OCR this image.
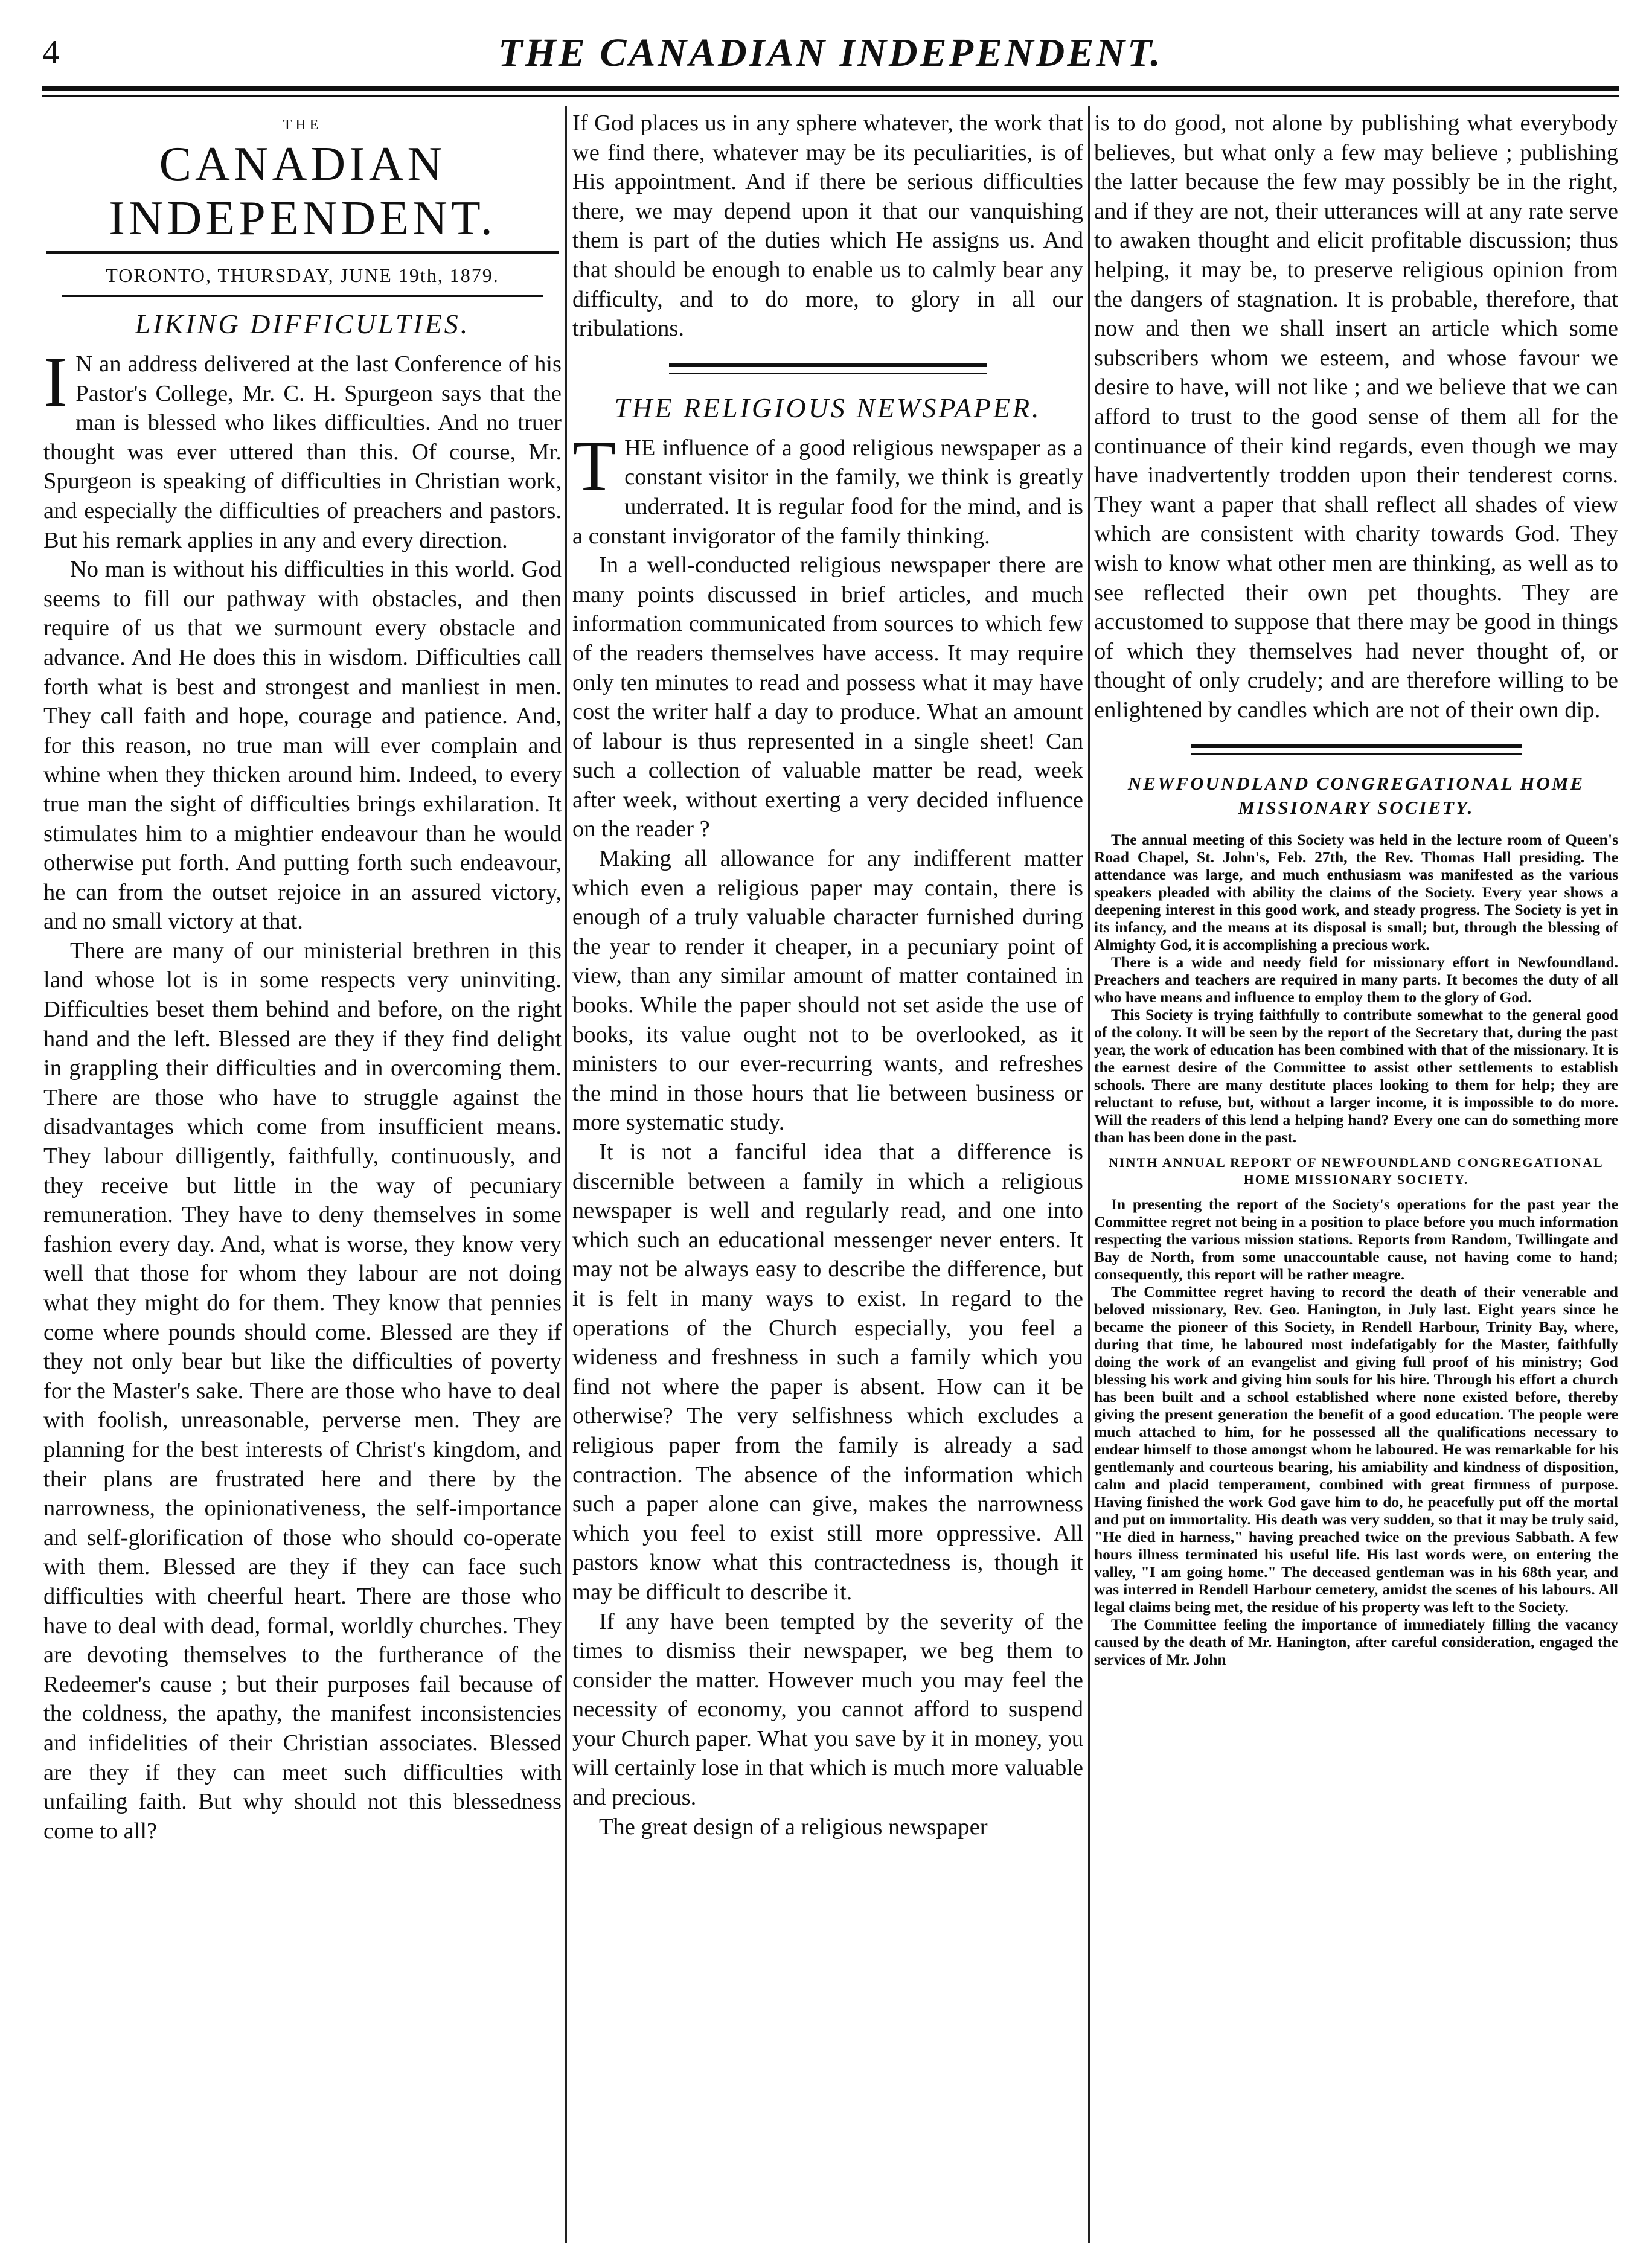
4	THE CANADIAN INDEPENDENT.
THE
CANADIAN INDEPENDENT.
TORONTO, THURSDAY, JUNE 19th, 1879.
LIKING DIFFICULTIES.

I N an address delivered at the last Conference of his Pastor's College, Mr. C. H. Spurgeon says that the man is blessed who likes difficulties. And no truer thought was ever uttered than this. Of course, Mr. Spurgeon is speaking of difficulties in Christian work, and especially the difficulties of preachers and pastors. But his remark applies in any and every direction.

No man is without his difficulties in this world. God seems to fill our pathway with obstacles, and then require of us that we surmount every obstacle and advance. And He does this in wisdom. Difficulties call forth what is best and strongest and manliest in men. They call faith and hope, courage and patience. And, for this reason, no true man will ever complain and whine when they thicken around him. Indeed, to every true man the sight of difficulties brings exhilaration. It stimulates him to a mightier endeavour than he would otherwise put forth. And putting forth such endeavour, he can from the outset rejoice in an assured victory, and no small victory at that.

There are many of our ministerial brethren in this land whose lot is in some respects very uninviting. Difficulties beset them behind and before, on the right hand and the left. Blessed are they if they find delight in grappling their difficulties and in overcoming them. There are those who have to struggle against the disadvantages which come from insufficient means. They labour dilligently, faithfully, continuously, and they receive but little in the way of pecuniary remuneration. They have to deny themselves in some fashion every day. And, what is worse, they know very well that those for whom they labour are not doing what they might do for them. They know that pennies come where pounds should come. Blessed are they if they not only bear but like the difficulties of poverty for the Master's sake. There are those who have to deal with foolish, unreasonable, perverse men. They are planning for the best interests of Christ's kingdom, and their plans are frustrated here and there by the narrowness, the opinionativeness, the self-importance and self-glorification of those who should co-operate with them. Blessed are they if they can face such difficulties with cheerful heart. There are those who have to deal with dead, formal, worldly churches. They are devoting themselves to the furtherance of the Redeemer's cause ; but their purposes fail because of the coldness, the apathy, the manifest inconsistencies and infidelities of their Christian associates. Blessed are they if they can meet such difficulties with unfailing faith. But why should not this blessedness come to all?

If God places us in any sphere whatever, the work that we find there, whatever may be its peculiarities, is of His appointment. And if there be serious difficulties there, we may depend upon it that our vanquishing them is part of the duties which He assigns us. And that should be enough to enable us to calmly bear any difficulty, and to do more, to glory in all our tribulations.

THE RELIGIOUS NEWSPAPER.

THE influence of a good religious newspaper as a constant visitor in the family, we think is greatly underrated. It is regular food for the mind, and is a constant invigorator of the family thinking.

In a well-conducted religious newspaper there are many points discussed in brief articles, and much information communicated from sources to which few of the readers themselves have access. It may require only ten minutes to read and possess what it may have cost the writer half a day to produce. What an amount of labour is thus represented in a single sheet! Can such a collection of valuable matter be read, week after week, without exerting a very decided influence on the reader ?

Making all allowance for any indifferent matter which even a religious paper may contain, there is enough of a truly valuable character furnished during the year to render it cheaper, in a pecuniary point of view, than any similar amount of matter contained in books. While the paper should not set aside the use of books, its value ought not to be overlooked, as it ministers to our ever-recurring wants, and refreshes the mind in those hours that lie between business or more systematic study.

It is not a fanciful idea that a difference is discernible between a family in which a religious newspaper is well and regularly read, and one into which such an educational messenger never enters. It may not be always easy to describe the difference, but it is felt in many ways to exist. In regard to the operations of the Church especially, you feel a wideness and freshness in such a family which you find not where the paper is absent. How can it be otherwise? The very selfishness which excludes a religious paper from the family is already a sad contraction. The absence of the information which such a paper alone can give, makes the narrowness which you feel to exist still more oppressive. All pastors know what this contractedness is, though it may be difficult to describe it.

If any have been tempted by the severity of the times to dismiss their newspaper, we beg them to consider the matter. However much you may feel the necessity of economy, you cannot afford to suspend your Church paper. What you save by it in money, you will certainly lose in that which is much more valuable and precious.

The great design of a religious newspaper

is to do good, not alone by publishing what everybody believes, but what only a few may believe ; publishing the latter because the few may possibly be in the right, and if they are not, their utterances will at any rate serve to awaken thought and elicit profitable discussion; thus helping, it may be, to preserve religious opinion from the dangers of stagnation. It is probable, therefore, that now and then we shall insert an article which some subscribers whom we esteem, and whose favour we desire to have, will not like ; and we believe that we can afford to trust to the good sense of them all for the continuance of their kind regards, even though we may have inadvertently trodden upon their tenderest corns. They want a paper that shall reflect all shades of view which are consistent with charity towards God. They wish to know what other men are thinking, as well as to see reflected their own pet thoughts. They are accustomed to suppose that there may be good in things of which they themselves had never thought of, or thought of only crudely; and are therefore willing to be enlightened by candles which are not of their own dip.

NEWFOUNDLAND CONGREGATIONAL HOME
MISSIONARY SOCIETY.

The annual meeting of this Society was held in the lecture room of Queen's Road Chapel, St. John's, Feb. 27th, the Rev. Thomas Hall presiding. The attendance was large, and much enthusiasm was manifested as the various speakers pleaded with ability the claims of the Society. Every year shows a deepening interest in this good work, and steady progress. The Society is yet in its infancy, and the means at its disposal is small; but, through the blessing of Almighty God, it is accomplishing a precious work.

There is a wide and needy field for missionary effort in Newfoundland. Preachers and teachers are required in many parts. It becomes the duty of all who have means and influence to employ them to the glory of God.

This Society is trying faithfully to contribute somewhat to the general good of the colony. It will be seen by the report of the Secretary that, during the past year, the work of education has been combined with that of the missionary. It is the earnest desire of the Committee to assist other settlements to establish schools. There are many destitute places looking to them for help; they are reluctant to refuse, but, without a larger income, it is impossible to do more. Will the readers of this lend a helping hand? Every one can do something more than has been done in the past.

NINTH ANNUAL REPORT OF NEWFOUNDLAND CONGREGATIONAL HOME MISSIONARY SOCIETY.

In presenting the report of the Society's operations for the past year the Committee regret not being in a position to place before you much information respecting the various mission stations. Reports from Random, Twillingate and Bay de North, from some unaccountable cause, not having come to hand; consequently, this report will be rather meagre.

The Committee regret having to record the death of their venerable and beloved missionary, Rev. Geo. Hanington, in July last. Eight years since he became the pioneer of this Society, in Rendell Harbour, Trinity Bay, where, during that time, he laboured most indefatigably for the Master, faithfully doing the work of an evangelist and giving full proof of his ministry; God blessing his work and giving him souls for his hire. Through his effort a church has been built and a school established where none existed before, thereby giving the present generation the benefit of a good education. The people were much attached to him, for he possessed all the qualifications necessary to endear himself to those amongst whom he laboured. He was remarkable for his gentlemanly and courteous bearing, his amiability and kindness of disposition, calm and placid temperament, combined with great firmness of purpose. Having finished the work God gave him to do, he peacefully put off the mortal and put on immortality. His death was very sudden, so that it may be truly said, "He died in harness," having preached twice on the previous Sabbath. A few hours illness terminated his useful life. His last words were, on entering the valley, "I am going home." The deceased gentleman was in his 68th year, and was interred in Rendell Harbour cemetery, amidst the scenes of his labours. All legal claims being met, the residue of his property was left to the Society.

The Committee feeling the importance of immediately filling the vacancy caused by the death of Mr. Hanington, after careful consideration, engaged the services of Mr. John
